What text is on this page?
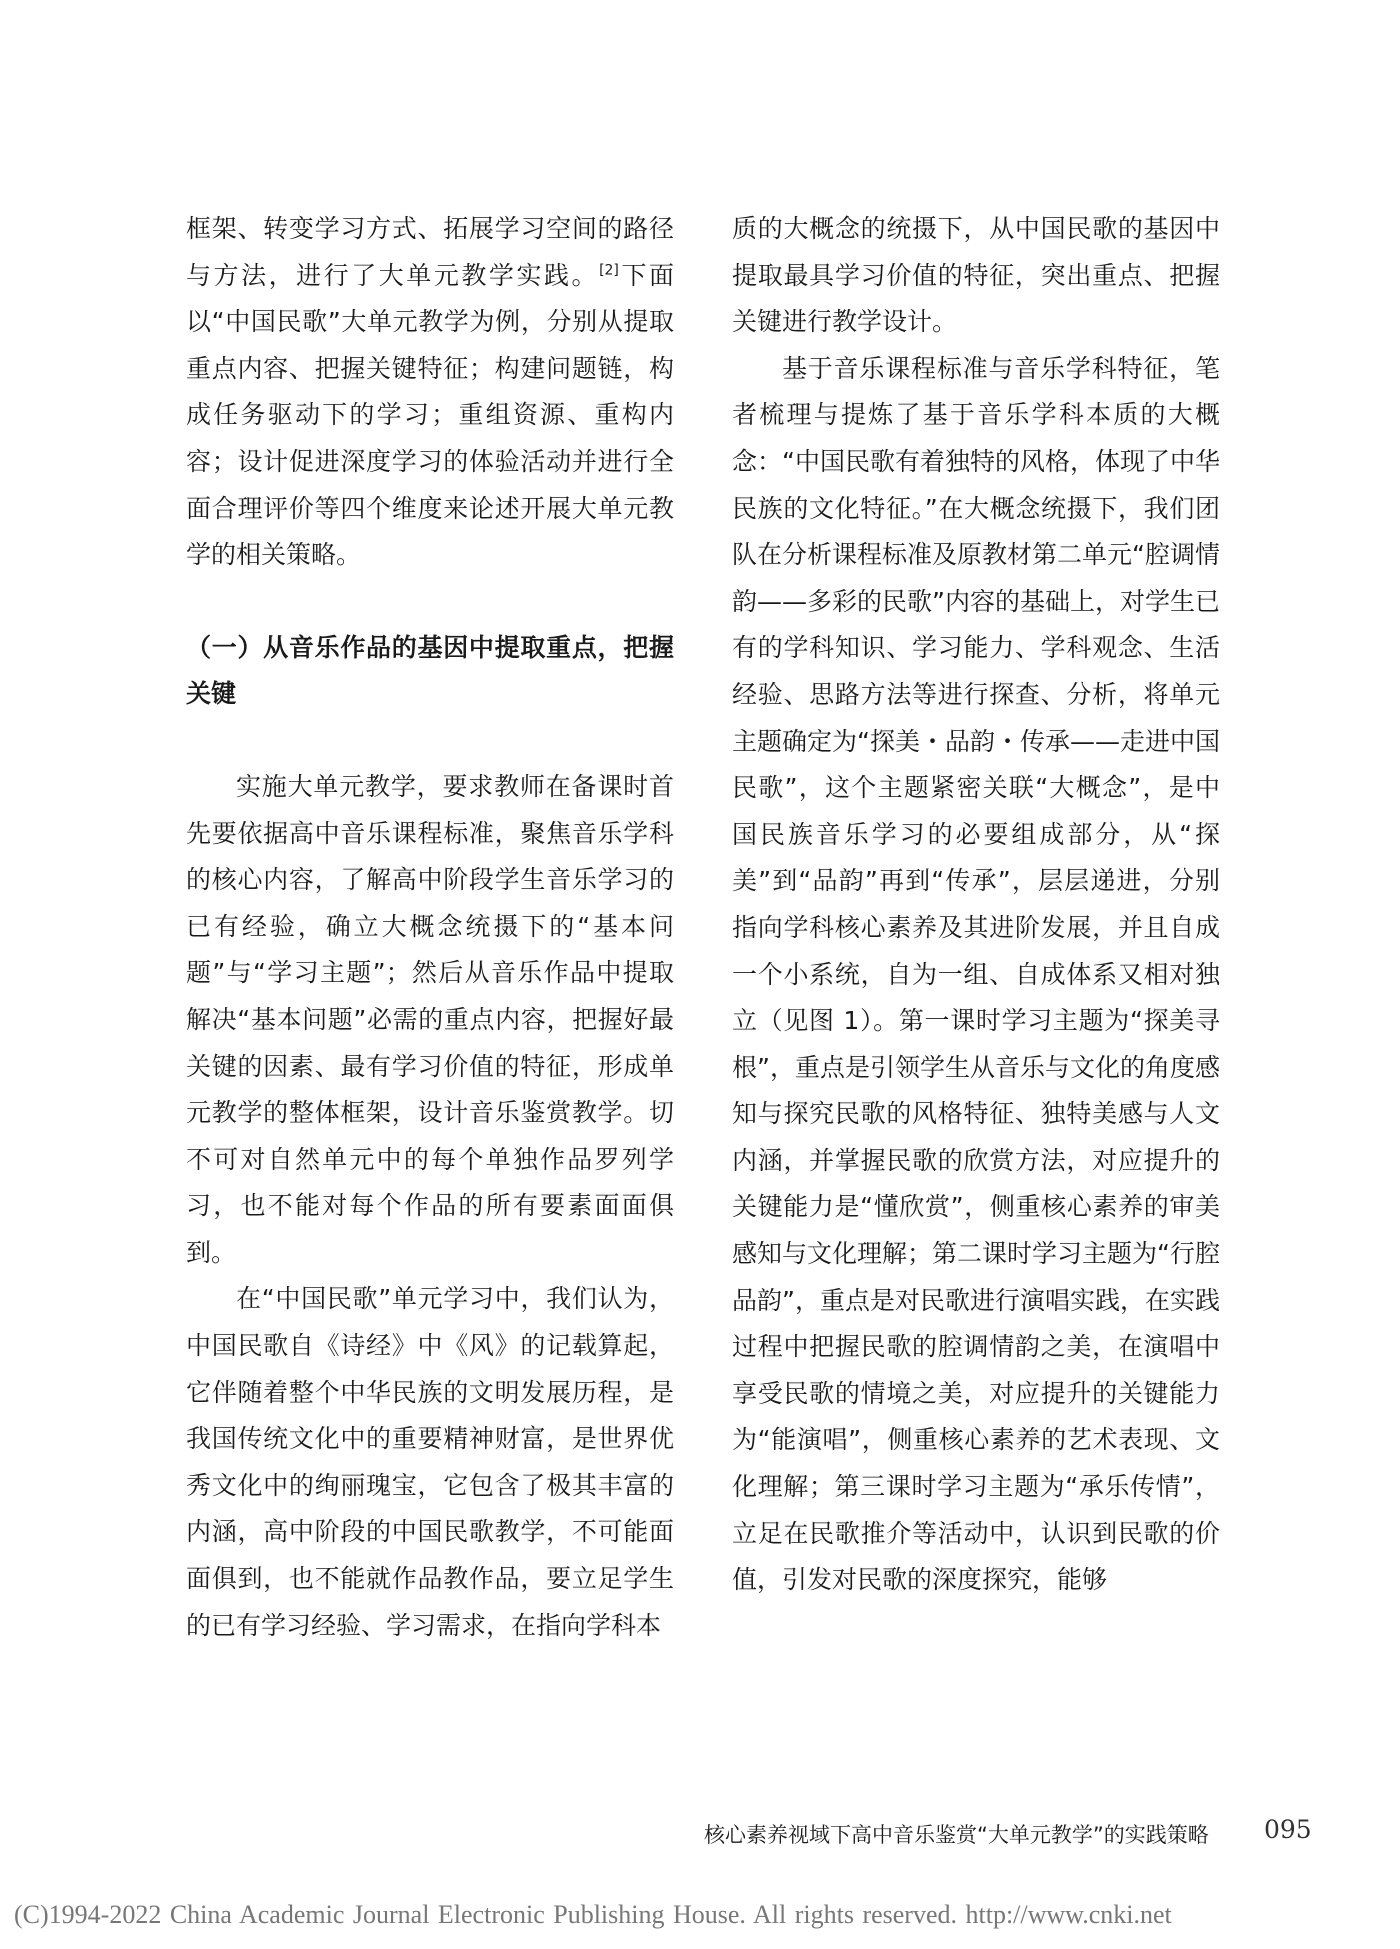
框架、转变学习方式、拓展学习空间的路径与方法，进行了大单元教学实践。[2]下面以“中国民歌”大单元教学为例，分别从提取重点内容、把握关键特征；构建问题链，构成任务驱动下的学习；重组资源、重构内容；设计促进深度学习的体验活动并进行全面合理评价等四个维度来论述开展大单元教学的相关策略。

（一）从音乐作品的基因中提取重点，把握关键

实施大单元教学，要求教师在备课时首先要依据高中音乐课程标准，聚焦音乐学科的核心内容，了解高中阶段学生音乐学习的已有经验，确立大概念统摄下的“基本问题”与“学习主题”；然后从音乐作品中提取解决“基本问题”必需的重点内容，把握好最关键的因素、最有学习价值的特征，形成单元教学的整体框架，设计音乐鉴赏教学。切不可对自然单元中的每个单独作品罗列学习，也不能对每个作品的所有要素面面俱到。

在“中国民歌”单元学习中，我们认为，中国民歌自《诗经》中《风》的记载算起，它伴随着整个中华民族的文明发展历程，是我国传统文化中的重要精神财富，是世界优秀文化中的绚丽瑰宝，它包含了极其丰富的内涵，高中阶段的中国民歌教学，不可能面面俱到，也不能就作品教作品，要立足学生的已有学习经验、学习需求，在指向学科本

质的大概念的统摄下，从中国民歌的基因中提取最具学习价值的特征，突出重点、把握关键进行教学设计。

基于音乐课程标准与音乐学科特征，笔者梳理与提炼了基于音乐学科本质的大概念：“中国民歌有着独特的风格，体现了中华民族的文化特征。”在大概念统摄下，我们团队在分析课程标准及原教材第二单元“腔调情韵——多彩的民歌”内容的基础上，对学生已有的学科知识、学习能力、学科观念、生活经验、思路方法等进行探查、分析，将单元主题确定为“探美・品韵・传承——走进中国民歌”，这个主题紧密关联“大概念”，是中国民族音乐学习的必要组成部分，从“探美”到“品韵”再到“传承”，层层递进，分别指向学科核心素养及其进阶发展，并且自成一个小系统，自为一组、自成体系又相对独立（见图 1）。第一课时学习主题为“探美寻根”，重点是引领学生从音乐与文化的角度感知与探究民歌的风格特征、独特美感与人文内涵，并掌握民歌的欣赏方法，对应提升的关键能力是“懂欣赏”，侧重核心素养的审美感知与文化理解；第二课时学习主题为“行腔品韵”，重点是对民歌进行演唱实践，在实践过程中把握民歌的腔调情韵之美，在演唱中享受民歌的情境之美，对应提升的关键能力为“能演唱”，侧重核心素养的艺术表现、文化理解；第三课时学习主题为“承乐传情”，立足在民歌推介等活动中，认识到民歌的价值，引发对民歌的深度探究，能够

核心素养视域下高中音乐鉴赏“大单元教学”的实践策略 095
(C)1994-2022 China Academic Journal Electronic Publishing House. All rights reserved. http://www.cnki.net
